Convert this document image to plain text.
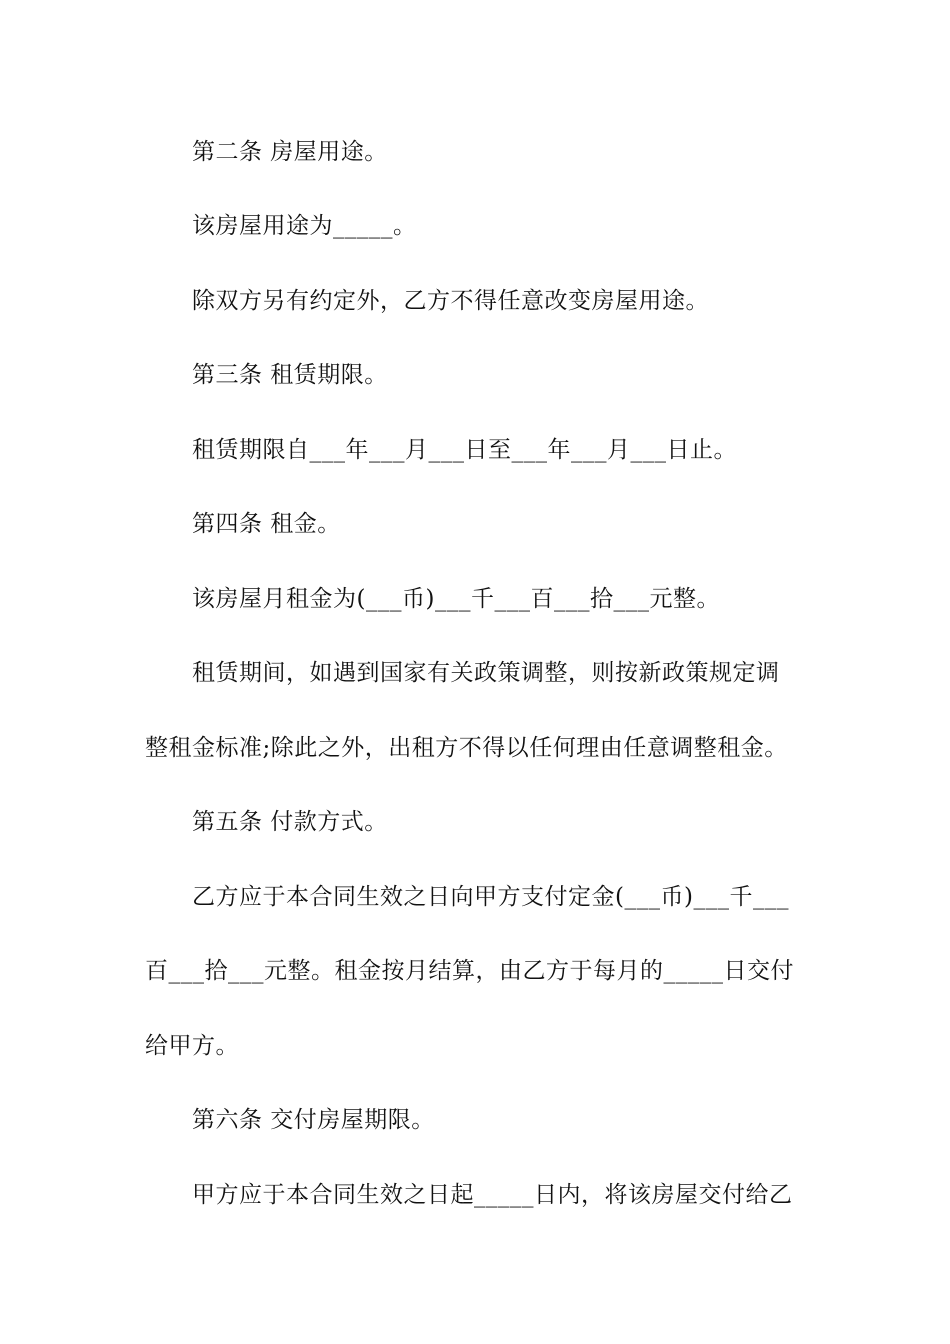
第二条 房屋用途。
该房屋用途为_____。
除双方另有约定外，乙方不得任意改变房屋用途。
第三条 租赁期限。
租赁期限自___年___月___日至___年___月___日止。
第四条 租金。
该房屋月租金为(___币)___千___百___拾___元整。
租赁期间，如遇到国家有关政策调整，则按新政策规定调
整租金标准;除此之外，出租方不得以任何理由任意调整租金。
第五条 付款方式。
乙方应于本合同生效之日向甲方支付定金(___币)___千___
百___拾___元整。租金按月结算，由乙方于每月的_____日交付
给甲方。
第六条 交付房屋期限。
甲方应于本合同生效之日起_____日内，将该房屋交付给乙
